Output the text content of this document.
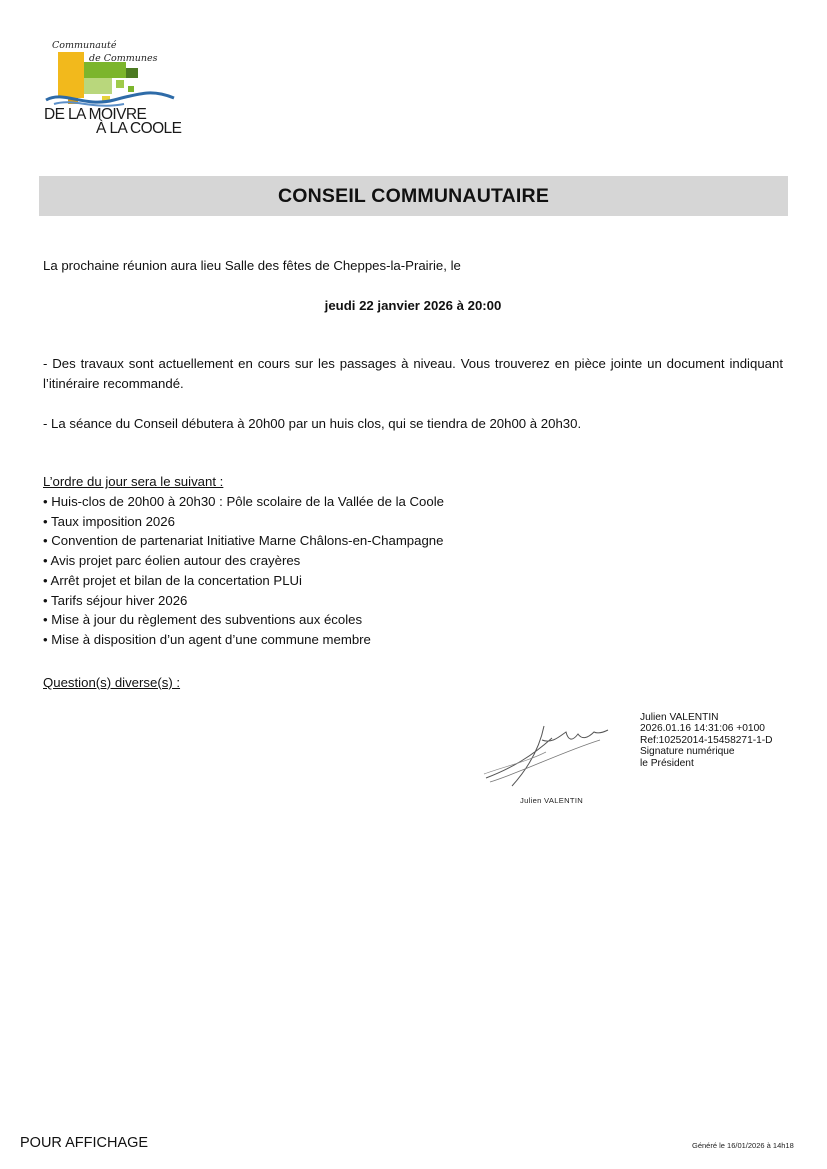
Communauté
de Communes
DE LA MOIVRE
À LA COOLE
CONSEIL COMMUNAUTAIRE
La prochaine réunion aura lieu Salle des fêtes de Cheppes-la-Prairie, le
jeudi 22 janvier 2026 à 20:00
- Des travaux sont actuellement en cours sur les passages à niveau. Vous trouverez en pièce jointe un document indiquant l’itinéraire recommandé.
- La séance du Conseil débutera à 20h00 par un huis clos, qui se tiendra de 20h00 à 20h30.
L’ordre du jour sera le suivant :
• Huis-clos de 20h00 à 20h30 : Pôle scolaire de la Vallée de la Coole
• Taux imposition 2026
• Convention de partenariat Initiative Marne Châlons-en-Champagne
• Avis projet parc éolien autour des crayères
• Arrêt projet et bilan de la concertation PLUi
• Tarifs séjour hiver 2026
• Mise à jour du règlement des subventions aux écoles
• Mise à disposition d’un agent d’une commune membre
Question(s) diverse(s) :
Julien VALENTIN
Julien VALENTIN
2026.01.16 14:31:06 +0100
Ref:10252014-15458271-1-D
Signature numérique
le Président
POUR AFFICHAGE	Généré le 16/01/2026 à 14h18
